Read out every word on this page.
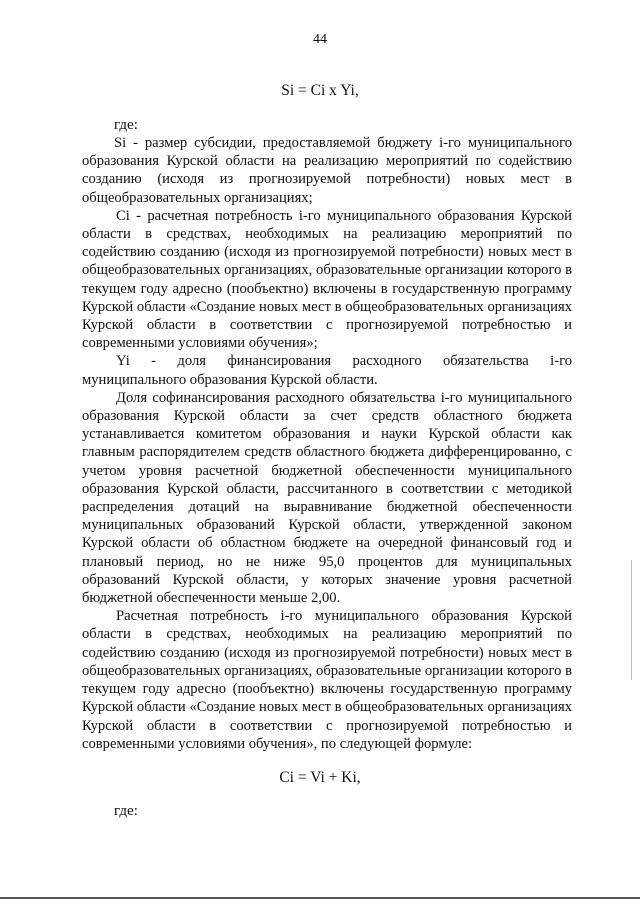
44
Si = Ci x Yi,
где:

Si - размер субсидии, предоставляемой бюджету i-го муниципального образования Курской области на реализацию мероприятий по содействию созданию (исходя из прогнозируемой потребности) новых мест в общеобразовательных организациях;

Ci - расчетная потребность i-го муниципального образования Курской области в средствах, необходимых на реализацию мероприятий по содействию созданию (исходя из прогнозируемой потребности) новых мест в общеобразовательных организациях, образовательные организации которого в текущем году адресно (пообъектно) включены в государственную программу Курской области «Создание новых мест в общеобразовательных организациях Курской области в соответствии с прогнозируемой потребностью и современными условиями обучения»;

Yi - доля финансирования расходного обязательства i-го муниципального образования Курской области.

Доля софинансирования расходного обязательства i-го муниципального образования Курской области за счет средств областного бюджета устанавливается комитетом образования и науки Курской области как главным распорядителем средств областного бюджета дифференцированно, с учетом уровня расчетной бюджетной обеспеченности муниципального образования Курской области, рассчитанного в соответствии с методикой распределения дотаций на выравнивание бюджетной обеспеченности муниципальных образований Курской области, утвержденной законом Курской области об областном бюджете на очередной финансовый год и плановый период, но не ниже 95,0 процентов для муниципальных образований Курской области, у которых значение уровня расчетной бюджетной обеспеченности меньше 2,00.

Расчетная потребность i-го муниципального образования Курской области в средствах, необходимых на реализацию мероприятий по содействию созданию (исходя из прогнозируемой потребности) новых мест в общеобразовательных организациях, образовательные организации которого в текущем году адресно (пообъектно) включены государственную программу Курской области «Создание новых мест в общеобразовательных организациях Курской области в соответствии с прогнозируемой потребностью и современными условиями обучения», по следующей формуле:

Ci = Vi + Ki,
где:
